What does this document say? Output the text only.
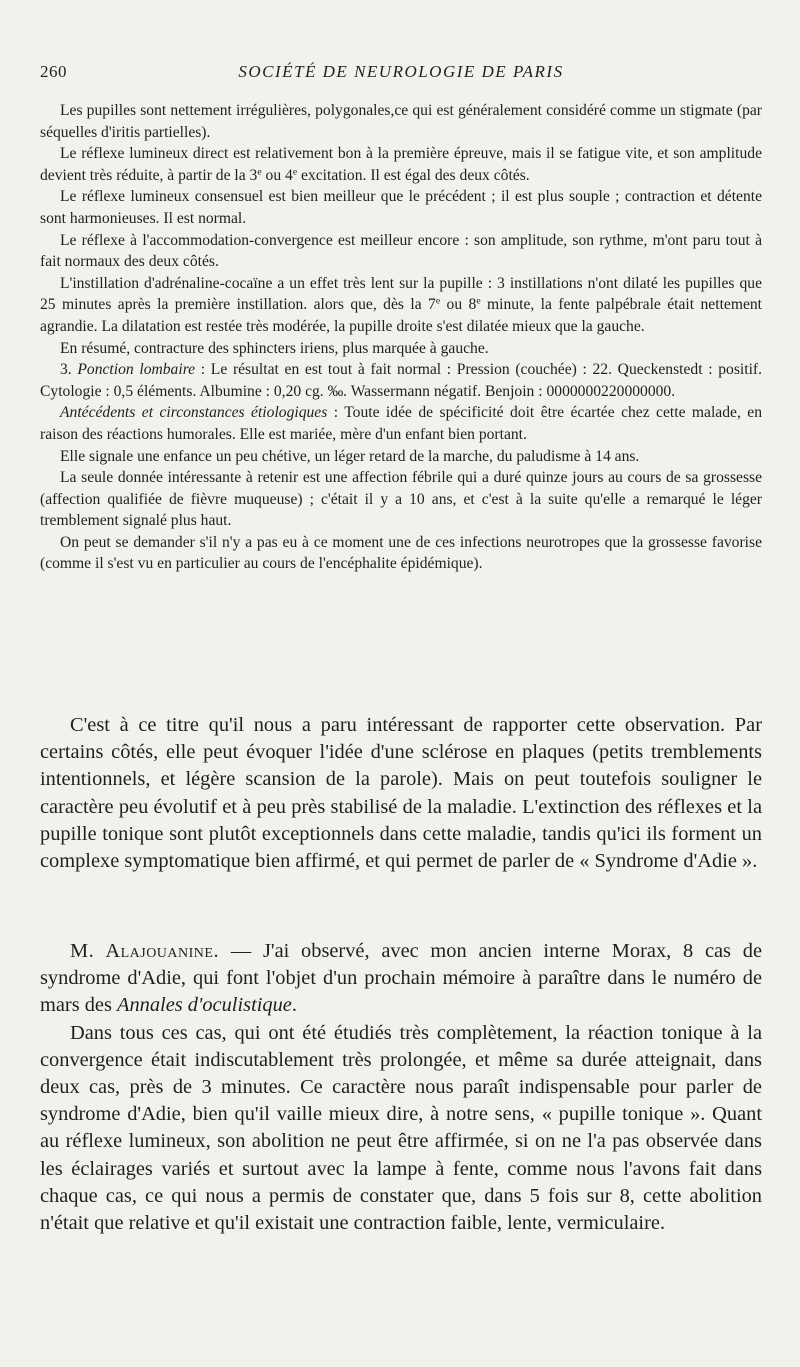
260	SOCIÉTÉ DE NEUROLOGIE DE PARIS

Les pupilles sont nettement irrégulières, polygonales,ce qui est généralement considéré comme un stigmate (par séquelles d'iritis partielles).

Le réflexe lumineux direct est relativement bon à la première épreuve, mais il se fatigue vite, et son amplitude devient très réduite, à partir de la 3e ou 4e excitation. Il est égal des deux côtés.

Le réflexe lumineux consensuel est bien meilleur que le précédent ; il est plus souple ; contraction et détente sont harmonieuses. Il est normal.

Le réflexe à l'accommodation-convergence est meilleur encore : son amplitude, son rythme, m'ont paru tout à fait normaux des deux côtés.

L'instillation d'adrénaline-cocaïne a un effet très lent sur la pupille : 3 instillations n'ont dilaté les pupilles que 25 minutes après la première instillation. alors que, dès la 7e ou 8e minute, la fente palpébrale était nettement agrandie. La dilatation est restée très modérée, la pupille droite s'est dilatée mieux que la gauche.

En résumé, contracture des sphincters iriens, plus marquée à gauche.

3. Ponction lombaire : Le résultat en est tout à fait normal : Pression (couchée) : 22. Queckenstedt : positif. Cytologie : 0,5 éléments. Albumine : 0,20 cg. ‰. Wassermann négatif. Benjoin : 0000000220000000.

Antécédents et circonstances étiologiques : Toute idée de spécificité doit être écartée chez cette malade, en raison des réactions humorales. Elle est mariée, mère d'un enfant bien portant.

Elle signale une enfance un peu chétive, un léger retard de la marche, du paludisme à 14 ans.

La seule donnée intéressante à retenir est une affection fébrile qui a duré quinze jours au cours de sa grossesse (affection qualifiée de fièvre muqueuse) ; c'était il y a 10 ans, et c'est à la suite qu'elle a remarqué le léger tremblement signalé plus haut.

On peut se demander s'il n'y a pas eu à ce moment une de ces infections neurotropes que la grossesse favorise (comme il s'est vu en particulier au cours de l'encéphalite épidémique).

C'est à ce titre qu'il nous a paru intéressant de rapporter cette observation. Par certains côtés, elle peut évoquer l'idée d'une sclérose en plaques (petits tremblements intentionnels, et légère scansion de la parole). Mais on peut toutefois souligner le caractère peu évolutif et à peu près stabilisé de la maladie. L'extinction des réflexes et la pupille tonique sont plutôt exceptionnels dans cette maladie, tandis qu'ici ils forment un complexe symptomatique bien affirmé, et qui permet de parler de « Syndrome d'Adie ».

M. Alajouanine. — J'ai observé, avec mon ancien interne Morax, 8 cas de syndrome d'Adie, qui font l'objet d'un prochain mémoire à paraître dans le numéro de mars des Annales d'oculistique.

Dans tous ces cas, qui ont été étudiés très complètement, la réaction tonique à la convergence était indiscutablement très prolongée, et même sa durée atteignait, dans deux cas, près de 3 minutes. Ce caractère nous paraît indispensable pour parler de syndrome d'Adie, bien qu'il vaille mieux dire, à notre sens, « pupille tonique ». Quant au réflexe lumineux, son abolition ne peut être affirmée, si on ne l'a pas observée dans les éclairages variés et surtout avec la lampe à fente, comme nous l'avons fait dans chaque cas, ce qui nous a permis de constater que, dans 5 fois sur 8, cette abolition n'était que relative et qu'il existait une contraction faible, lente, vermiculaire.
